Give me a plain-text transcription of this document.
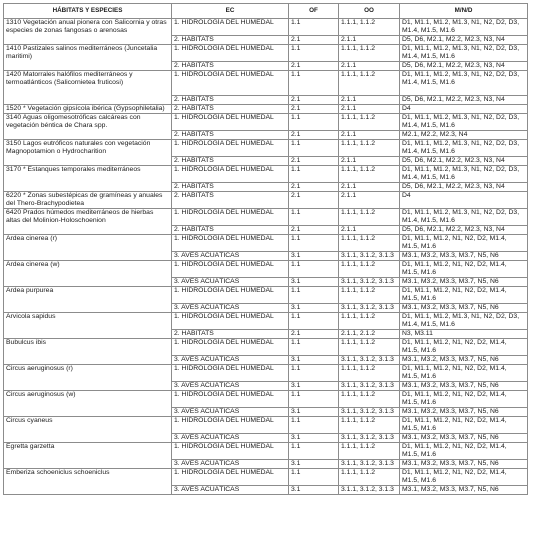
HÁBITATS Y ESPECIES	EC	OF	OO	M/N/D
1310 Vegetación anual pionera con Salicornia y otras especies de zonas fangosas o arenosas	1. HIDROLOGÍA DEL HÚMEDAL	1.1	1.1.1, 1.1.2	D1, M1.1, M1.2, M1.3, N1, N2, D2, D3, M1.4, M1.5, M1.6
	2. HÁBITATS	2.1	2.1.1	D5, D6, M2.1, M2.2, M2.3, N3, N4
1410 Pastizales salinos mediterráneos (Juncetalia maritimi)	1. HIDROLOGÍA DEL HÚMEDAL	1.1	1.1.1, 1.1.2	D1, M1.1, M1.2, M1.3, N1, N2, D2, D3, M1.4, M1.5, M1.6
	2. HÁBITATS	2.1	2.1.1	D5, D6, M2.1, M2.2, M2.3, N3, N4
1420 Matorrales halófilos mediterráneos y termoatlánticos (Salicornietea fruticosi)	1. HIDROLOGÍA DEL HÚMEDAL	1.1	1.1.1, 1.1.2	D1, M1.1, M1.2, M1.3, N1, N2, D2, D3, M1.4, M1.5, M1.6
	2. HÁBITATS	2.1	2.1.1	D5, D6, M2.1, M2.2, M2.3, N3, N4
1520 * Vegetación gipsícola ibérica (Gypsophiletalia)	2. HÁBITATS	2.1	2.1.1	D4
3140 Aguas oligomesotróficas calcáreas con vegetación béntica de Chara spp.	1. HIDROLOGÍA DEL HÚMEDAL	1.1	1.1.1, 1.1.2	D1, M1.1, M1.2, M1.3, N1, N2, D2, D3, M1.4, M1.5, M1.6
	2. HÁBITATS	2.1	2.1.1	M2.1, M2.2, M2.3, N4
3150 Lagos eutróficos naturales con vegetación Magnopotamion o Hydrocharition	1. HIDROLOGÍA DEL HÚMEDAL	1.1	1.1.1, 1.1.2	D1, M1.1, M1.2, M1.3, N1, N2, D2, D3, M1.4, M1.5, M1.6
	2. HÁBITATS	2.1	2.1.1	D5, D6, M2.1, M2.2, M2.3, N3, N4
3170 * Estanques temporales mediterráneos	1. HIDROLOGÍA DEL HÚMEDAL	1.1	1.1.1, 1.1.2	D1, M1.1, M1.2, M1.3, N1, N2, D2, D3, M1.4, M1.5, M1.6
	2. HÁBITATS	2.1	2.1.1	D5, D6, M2.1, M2.2, M2.3, N3, N4
6220 * Zonas subestépicas de gramíneas y anuales del Thero-Brachypodietea	2. HÁBITATS	2.1	2.1.1	D4
6420 Prados húmedos mediterráneos de hierbas altas del Molinion-Holoschoenion	1. HIDROLOGÍA DEL HÚMEDAL	1.1	1.1.1, 1.1.2	D1, M1.1, M1.2, M1.3, N1, N2, D2, D3, M1.4, M1.5, M1.6
	2. HÁBITATS	2.1	2.1.1	D5, D6, M2.1, M2.2, M2.3, N3, N4
Ardea cinerea (r)	1. HIDROLOGÍA DEL HÚMEDAL	1.1	1.1.1, 1.1.2	D1, M1.1, M1.2, N1, N2, D2, M1.4, M1.5, M1.6
	3. AVES ACUÁTICAS	3.1	3.1.1, 3.1.2, 3.1.3	M3.1, M3.2, M3.3, M3.7, N5, N6
Ardea cinerea (w)	1. HIDROLOGÍA DEL HÚMEDAL	1.1	1.1.1, 1.1.2	D1, M1.1, M1.2, N1, N2, D2, M1.4, M1.5, M1.6
	3. AVES ACUÁTICAS	3.1	3.1.1, 3.1.2, 3.1.3	M3.1, M3.2, M3.3, M3.7, N5, N6
Ardea purpurea	1. HIDROLOGÍA DEL HÚMEDAL	1.1	1.1.1, 1.1.2	D1, M1.1, M1.2, N1, N2, D2, M1.4, M1.5, M1.6
	3. AVES ACUÁTICAS	3.1	3.1.1, 3.1.2, 3.1.3	M3.1, M3.2, M3.3, M3.7, N5, N6
Arvicola sapidus	1. HIDROLOGÍA DEL HÚMEDAL	1.1	1.1.1, 1.1.2	D1, M1.1, M1.2, M1.3, N1, N2, D2, D3, M1.4, M1.5, M1.6
	2. HÁBITATS	2.1	2.1.1, 2.1.2	N3, M3.11
Bubulcus ibis	1. HIDROLOGÍA DEL HÚMEDAL	1.1	1.1.1, 1.1.2	D1, M1.1, M1.2, N1, N2, D2, M1.4, M1.5, M1.6
	3. AVES ACUÁTICAS	3.1	3.1.1, 3.1.2, 3.1.3	M3.1, M3.2, M3.3, M3.7, N5, N6
Circus aeruginosus (r)	1. HIDROLOGÍA DEL HÚMEDAL	1.1	1.1.1, 1.1.2	D1, M1.1, M1.2, N1, N2, D2, M1.4, M1.5, M1.6
	3. AVES ACUÁTICAS	3.1	3.1.1, 3.1.2, 3.1.3	M3.1, M3.2, M3.3, M3.7, N5, N6
Circus aeruginosus (w)	1. HIDROLOGÍA DEL HÚMEDAL	1.1	1.1.1, 1.1.2	D1, M1.1, M1.2, N1, N2, D2, M1.4, M1.5, M1.6
	3. AVES ACUÁTICAS	3.1	3.1.1, 3.1.2, 3.1.3	M3.1, M3.2, M3.3, M3.7, N5, N6
Circus cyaneus	1. HIDROLOGÍA DEL HÚMEDAL	1.1	1.1.1, 1.1.2	D1, M1.1, M1.2, N1, N2, D2, M1.4, M1.5, M1.6
	3. AVES ACUÁTICAS	3.1	3.1.1, 3.1.2, 3.1.3	M3.1, M3.2, M3.3, M3.7, N5, N6
Egretta garzetta	1. HIDROLOGÍA DEL HÚMEDAL	1.1	1.1.1, 1.1.2	D1, M1.1, M1.2, N1, N2, D2, M1.4, M1.5, M1.6
	3. AVES ACUÁTICAS	3.1	3.1.1, 3.1.2, 3.1.3	M3.1, M3.2, M3.3, M3.7, N5, N6
Emberiza schoeniclus schoeniclus	1. HIDROLOGÍA DEL HÚMEDAL	1.1	1.1.1, 1.1.2	D1, M1.1, M1.2, N1, N2, D2, M1.4, M1.5, M1.6
	3. AVES ACUÁTICAS	3.1	3.1.1, 3.1.2, 3.1.3	M3.1, M3.2, M3.3, M3.7, N5, N6
